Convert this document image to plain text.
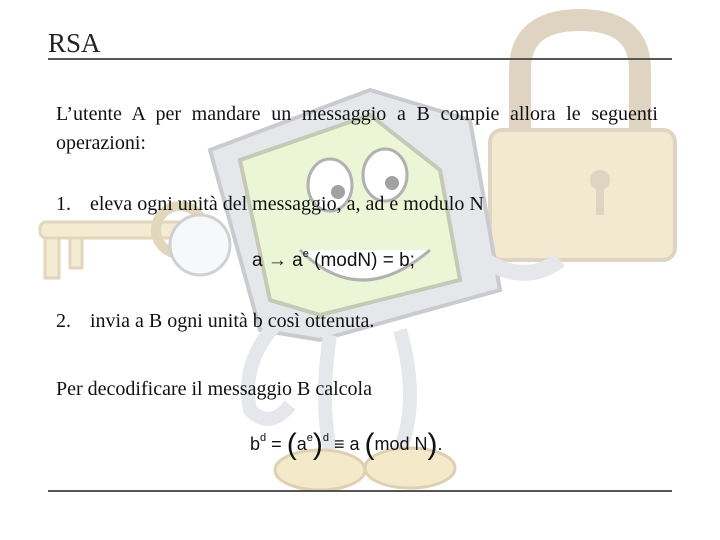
RSA
L’utente A per mandare un messaggio a B compie allora le seguenti operazioni:
1. eleva ogni unità del messaggio, a, ad e modulo N
$a \to a^e$ (modN) = b;
2. invia a B ogni unità b così ottenuta.
Per decodificare il messaggio B calcola
$b^d = (a^e)^d \equiv a$ (mod N).
